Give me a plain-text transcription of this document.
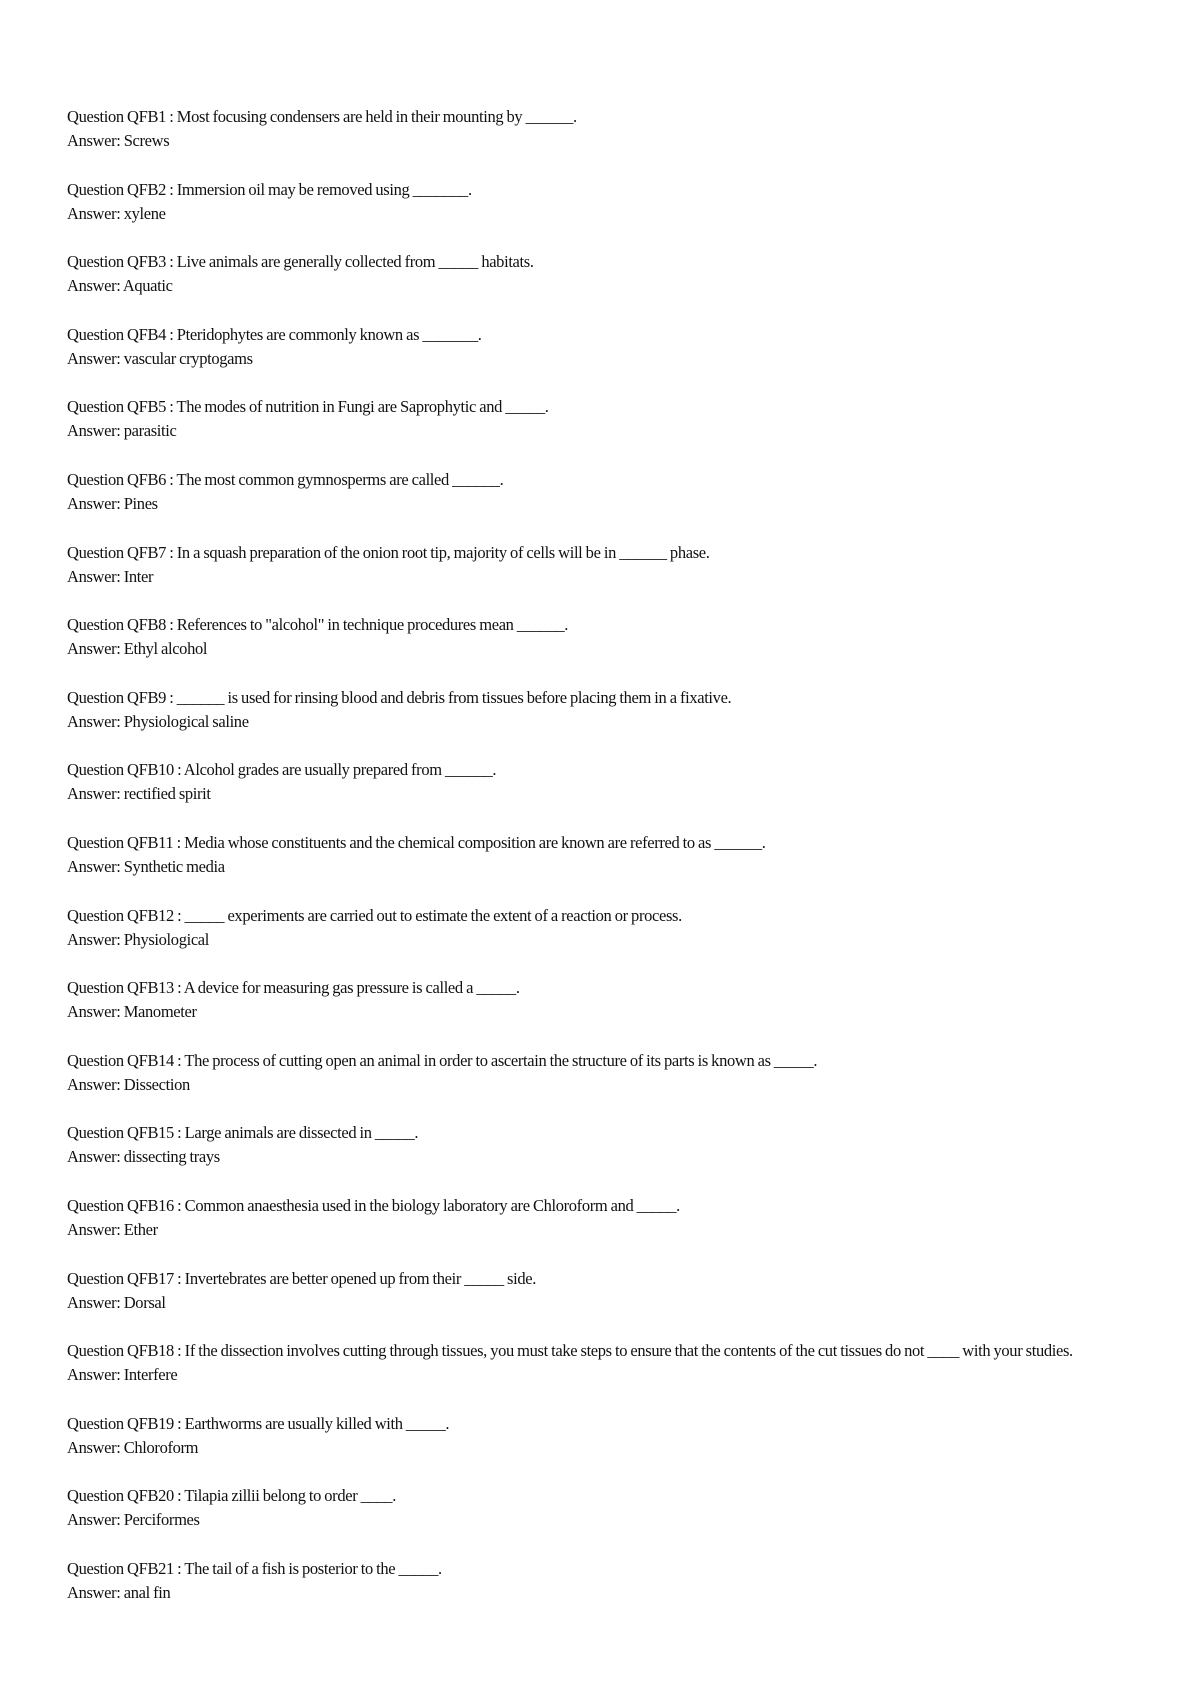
Question QFB1 : Most focusing condensers are held in their mounting by ______.
Answer: Screws
Question QFB2 : Immersion oil may be removed using _______.
Answer: xylene
Question QFB3 : Live animals are generally collected from _____ habitats.
Answer: Aquatic
Question QFB4 : Pteridophytes are commonly known as _______.
Answer: vascular cryptogams
Question QFB5 : The modes of nutrition in Fungi are Saprophytic and _____.
Answer: parasitic
Question QFB6 : The most common gymnosperms are called ______.
Answer: Pines
Question QFB7 : In a squash preparation of the onion root tip, majority of cells will be in ______ phase.
Answer: Inter
Question QFB8 : References to "alcohol" in technique procedures mean ______.
Answer: Ethyl alcohol
Question QFB9 : ______ is used for rinsing blood and debris from tissues before placing them in a fixative.
Answer: Physiological saline
Question QFB10 : Alcohol grades are usually prepared from ______.
Answer: rectified spirit
Question QFB11 : Media whose constituents and the chemical composition are known are referred to as ______.
Answer: Synthetic media
Question QFB12 : _____ experiments are carried out to estimate the extent of a reaction or process.
Answer: Physiological
Question QFB13 : A device for measuring gas pressure is called a _____.
Answer: Manometer
Question QFB14 : The process of cutting open an animal in order to ascertain the structure of its parts is known as _____.
Answer: Dissection
Question QFB15 : Large animals are dissected in _____.
Answer: dissecting trays
Question QFB16 : Common anaesthesia used in the biology laboratory are Chloroform and _____.
Answer: Ether
Question QFB17 : Invertebrates are better opened up from their _____ side.
Answer: Dorsal
Question QFB18 : If the dissection involves cutting through tissues, you must take steps to ensure that the contents of the cut tissues do not ____ with your studies.
Answer: Interfere
Question QFB19 : Earthworms are usually killed with _____.
Answer: Chloroform
Question QFB20 : Tilapia zillii belong to order ____.
Answer: Perciformes
Question QFB21 : The tail of a fish is posterior to the _____.
Answer: anal fin
